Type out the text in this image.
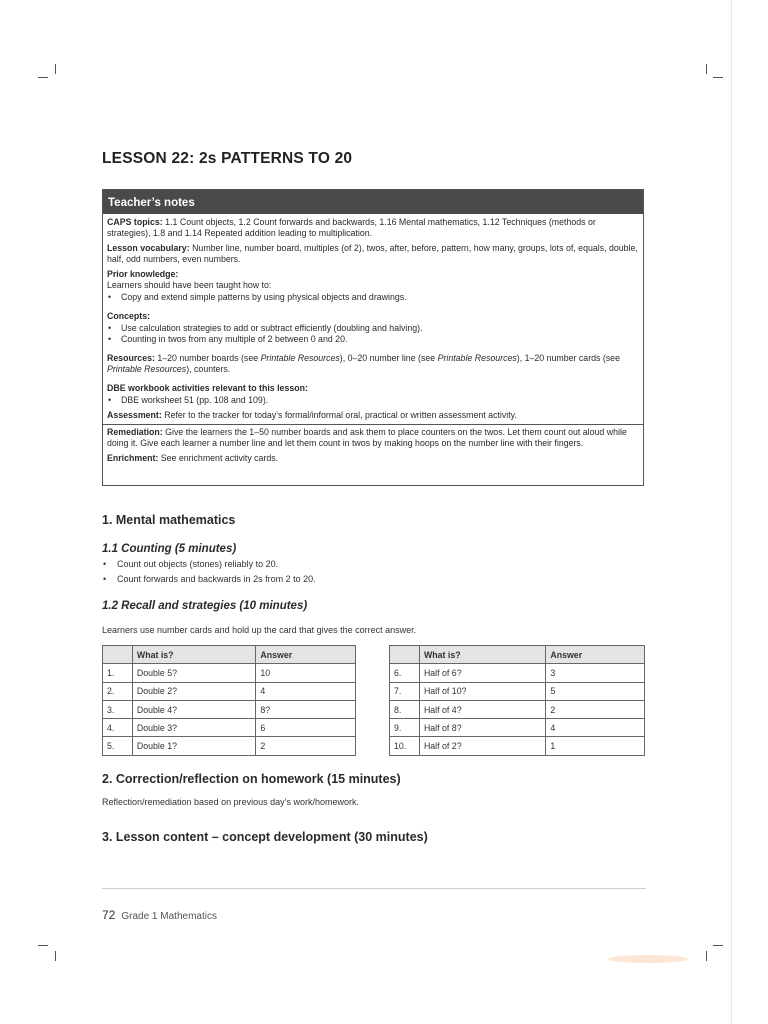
LESSON 22: 2s PATTERNS TO 20
Teacher’s notes

CAPS topics: 1.1 Count objects, 1.2 Count forwards and backwards, 1.16 Mental mathematics, 1.12 Techniques (methods or strategies), 1.8 and 1.14 Repeated addition leading to multiplication.

Lesson vocabulary: Number line, number board, multiples (of 2), twos, after, before, pattern, how many, groups, lots of, equals, double, half, odd numbers, even numbers.

Prior knowledge:

Learners should have been taught how to:

• Copy and extend simple patterns by using physical objects and drawings.

Concepts:

• Use calculation strategies to add or subtract efficiently (doubling and halving).
• Counting in twos from any multiple of 2 between 0 and 20.

Resources: 1–20 number boards (see Printable Resources), 0–20 number line (see Printable Resources), 1–20 number cards (see Printable Resources), counters.

DBE workbook activities relevant to this lesson:

• DBE worksheet 51 (pp. 108 and 109).

Assessment: Refer to the tracker for today’s formal/informal oral, practical or written assessment activity.

Remediation: Give the learners the 1–50 number boards and ask them to place counters on the twos. Let them count out aloud while doing it. Give each learner a number line and let them count in twos by making hoops on the number line with their fingers.

Enrichment: See enrichment activity cards.

1. Mental mathematics
1.1 Counting (5 minutes)
• Count out objects (stones) reliably to 20.
• Count forwards and backwards in 2s from 2 to 20.
1.2 Recall and strategies (10 minutes)

Learners use number cards and hold up the card that gives the correct answer.

	What is?	Answer
1.	Double 5?	10
2.	Double 2?	4
3.	Double 4?	8?
4.	Double 3?	6
5.	Double 1?	2
	What is?	Answer
6.	Half of 6?	3
7.	Half of 10?	5
8.	Half of 4?	2
9.	Half of 8?	4
10.	Half of 2?	1
2. Correction/reflection on homework (15 minutes)

Reflection/remediation based on previous day’s work/homework.

3. Lesson content – concept development (30 minutes)
72 Grade 1 Mathematics
